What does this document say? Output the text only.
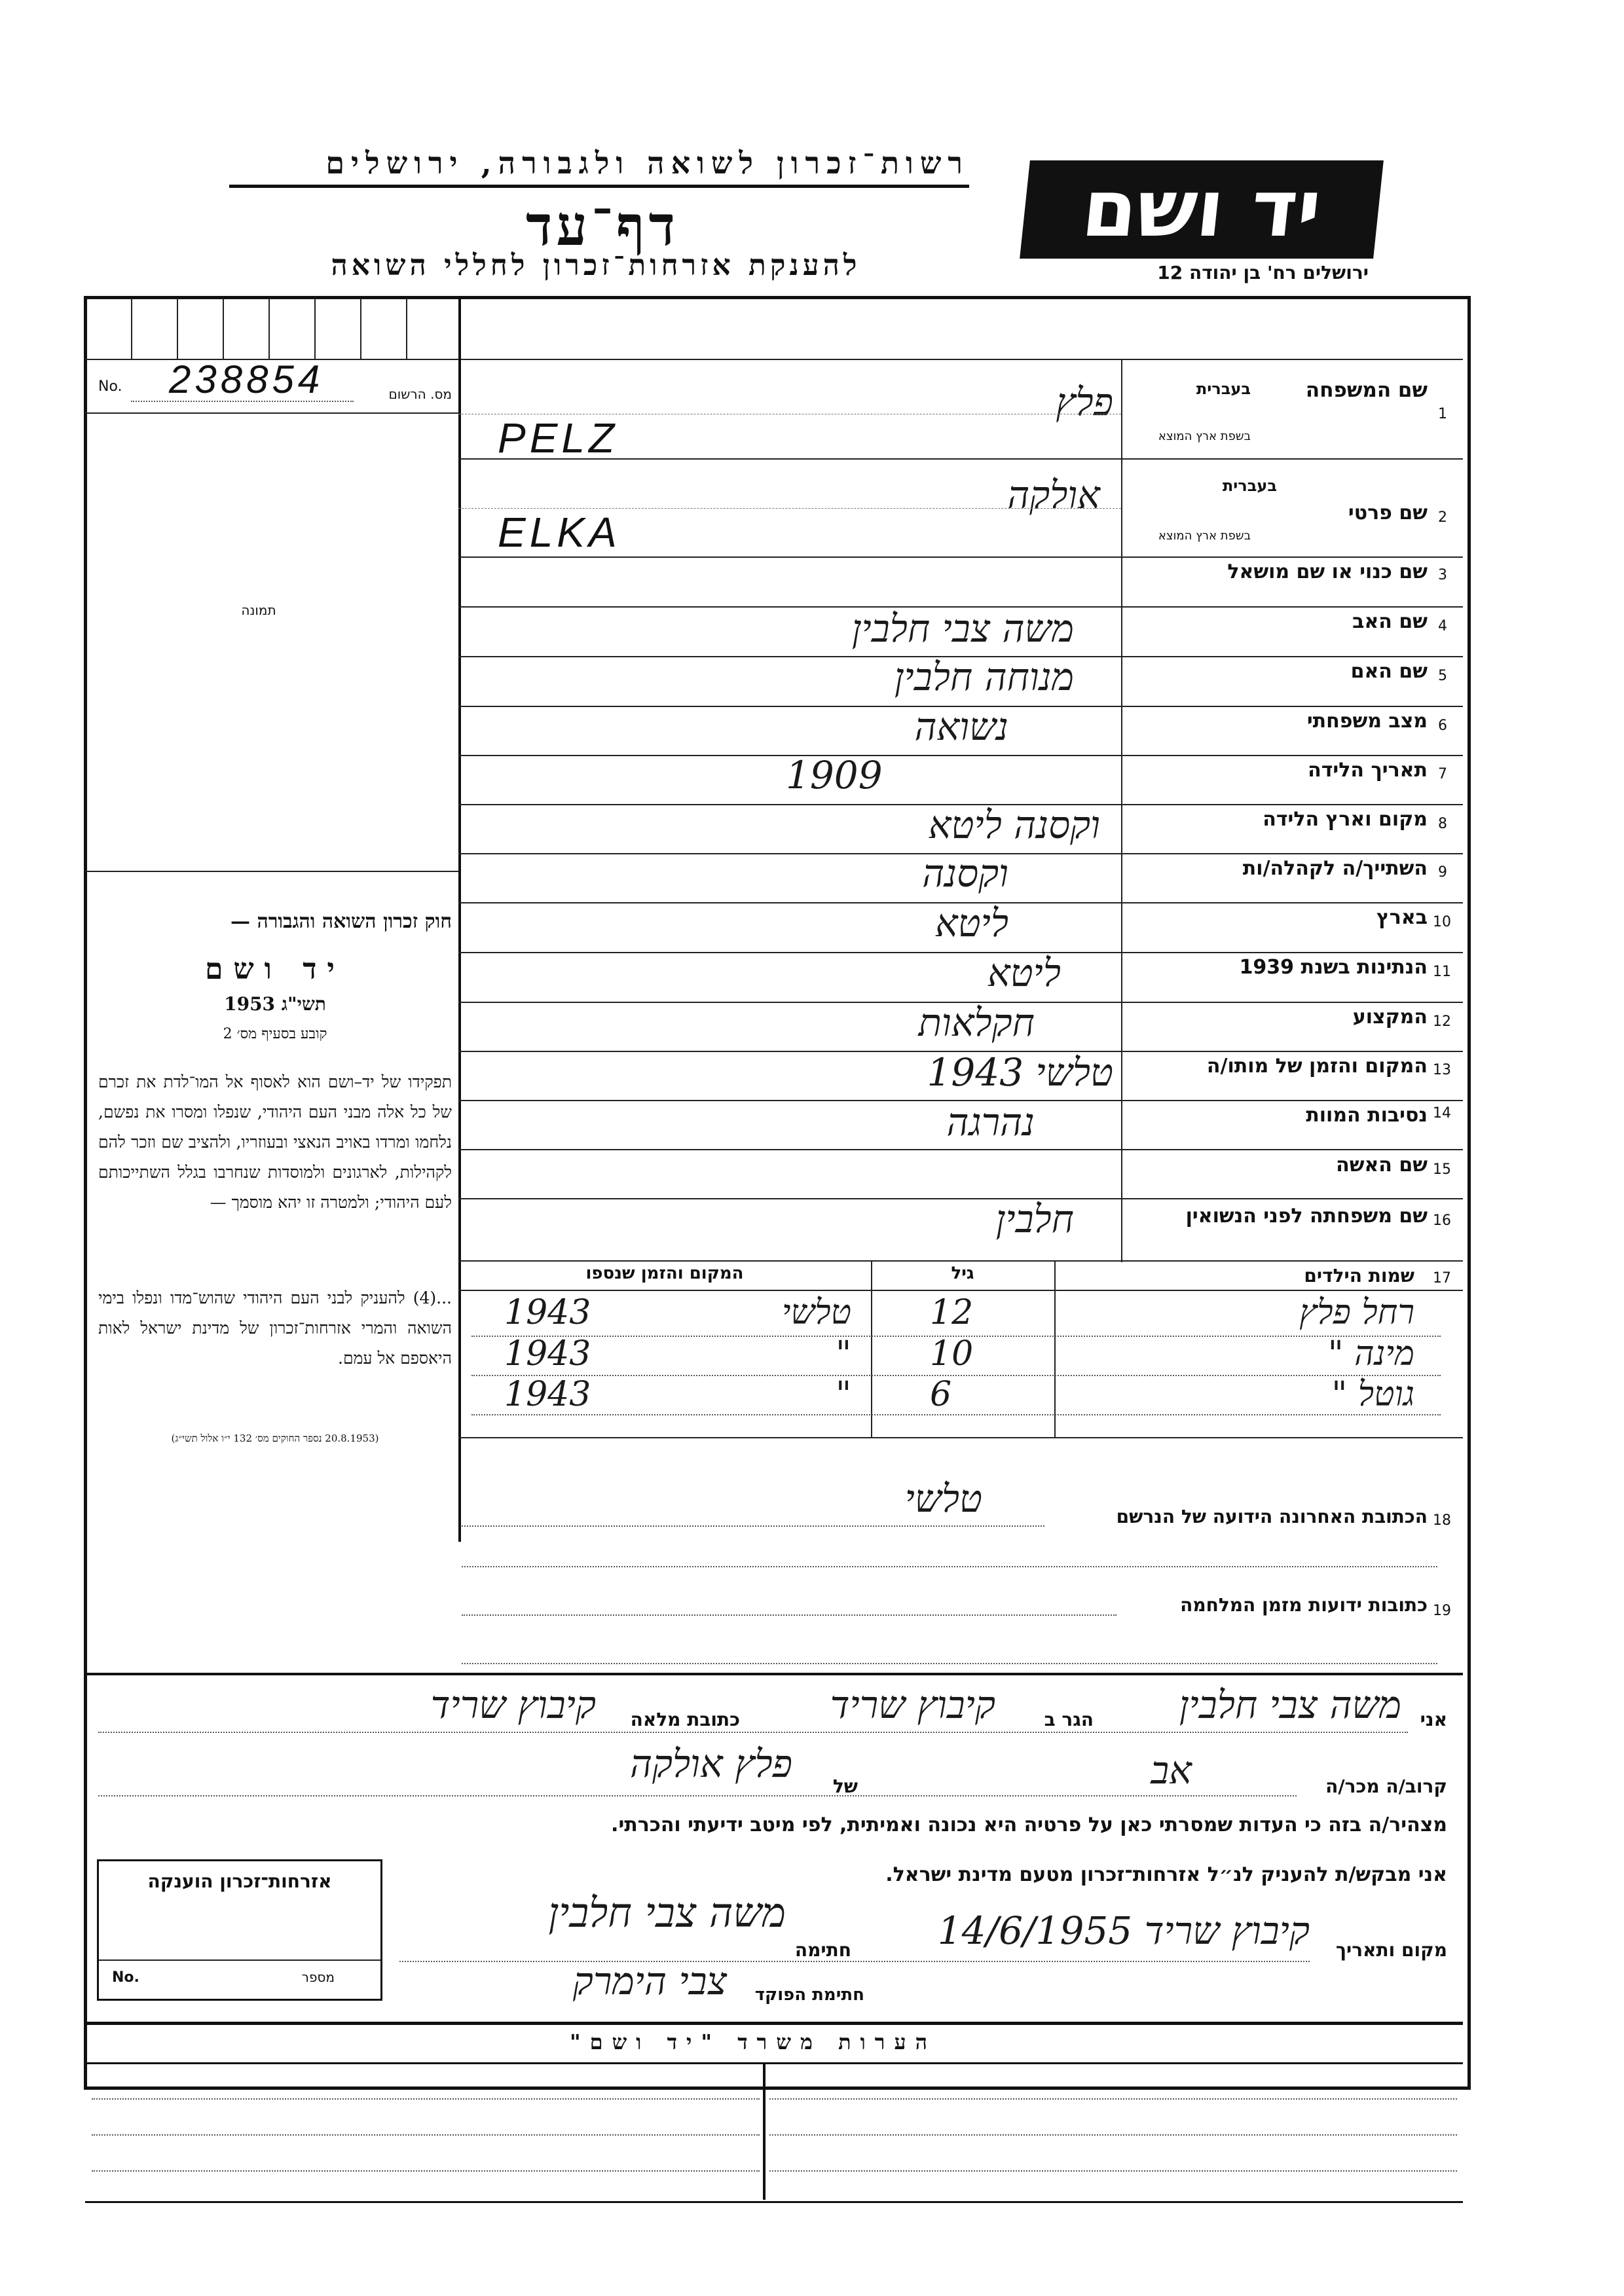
רשות־זכרון לשואה ולגבורה, ירושלים
דף־עד
להענקת אזרחות־זכרון לחללי השואה
יד ושם
ירושלים רח' בן יהודה 12
No. 238854	מס. הרשום
תמונה
חוק זכרון השואה והגבורה —
יד ושם
תשי"ג 1953
קובע בסעיף מס׳ 2
תפקידו של יד–ושם הוא לאסוף אל המו־לדת את זכרם של כל אלה מבני העם היהודי, שנפלו ומסרו את נפשם, נלחמו ומרדו באויב הנאצי ובעוזריו, ולהציב שם וזכר להם לקהילות, לארגונים ולמוסדות שנחרבו בגלל השתייכותם לעם היהודי; ולמטרה זו יהא מוסמך —
...(4) להעניק לבני העם היהודי שהוש־מדו ונפלו בימי השואה והמרי אזרחות־זכרון של מדינת ישראל לאות היאספם אל עמם.
(20.8.1953 נספר החוקים מס׳ 132 י״ו אלול תשי״ג)
שם המשפחה
1
בעברית
בשפת ארץ המוצא
פלץ
PELZ
שם פרטי 2
בעברית
בשפת ארץ המוצא
אולקה
ELKA
שם כנוי או שם מושאל 3
שם האב 4
משה צבי חלבין
שם האם 5
מנוחה חלבין
מצב משפחתי 6
נשואה
תאריך הלידה 7
1909
מקום וארץ הלידה 8
וקסנה ליטא
השתייך/ה לקהלה/ות 9
וקסנה
בארץ 10
ליטא
הנתינות בשנת 1939 11
ליטא
המקצוע 12
חקלאות
המקום והזמן של מותו/ה 13
טלשי 1943
נסיבות המוות 14
נהרגה
שם האשה 15
שם משפחתה לפני הנשואין 16
חלבין
שמות הילדים 17
גיל
המקום והזמן שנספו
רחל פלץ
12
טלשי
1943
מינה "
10
"
1943
גוטל "
6
"
1943
הכתובת האחרונה הידועה של הנרשם 18
טלשי
כתובות ידועות מזמן המלחמה 19
אני
משה צבי חלבין
הגר ב
קיבוץ שריד
כתובת מלאה
קיבוץ שריד
קרוב/ה מכר/ה
אב
של
פלץ אולקה
מצהיר/ה בזה כי העדות שמסרתי כאן על פרטיה היא נכונה ואמיתית, לפי מיטב ידיעתי והכרתי.
אני מבקש/ת להעניק לנ״ל אזרחות־זכרון מטעם מדינת ישראל.
אזרחות־זכרון הוענקה
No.	מספר
מקום ותאריך
קיבוץ שריד 14/6/1955
חתימה
משה צבי חלבין
חתימת הפוקד
צבי הימרק
הערות משרד "יד ושם"
